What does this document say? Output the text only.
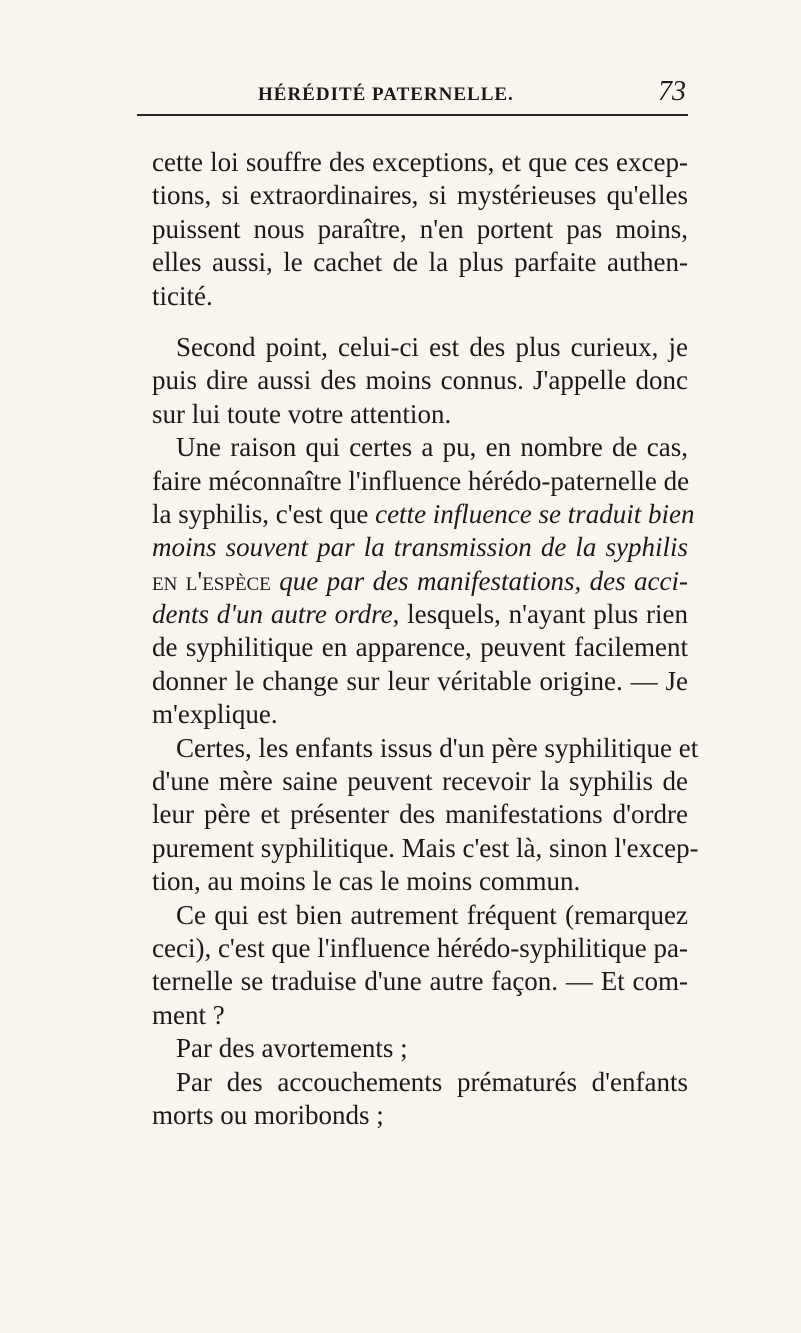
HÉRÉDITÉ PATERNELLE.	73
cette loi souffre des exceptions, et que ces excep-
tions, si extraordinaires, si mystérieuses qu'elles
puissent nous paraître, n'en portent pas moins,
elles aussi, le cachet de la plus parfaite authen-
ticité.
Second point, celui-ci est des plus curieux, je
puis dire aussi des moins connus. J'appelle donc
sur lui toute votre attention.
Une raison qui certes a pu, en nombre de cas,
faire méconnaître l'influence hérédo-paternelle de
la syphilis, c'est que cette influence se traduit bien
moins souvent par la transmission de la syphilis
en l'espèce que par des manifestations, des acci-
dents d'un autre ordre, lesquels, n'ayant plus rien
de syphilitique en apparence, peuvent facilement
donner le change sur leur véritable origine. — Je
m'explique.
Certes, les enfants issus d'un père syphilitique et
d'une mère saine peuvent recevoir la syphilis de
leur père et présenter des manifestations d'ordre
purement syphilitique. Mais c'est là, sinon l'excep-
tion, au moins le cas le moins commun.
Ce qui est bien autrement fréquent (remarquez
ceci), c'est que l'influence hérédo-syphilitique pa-
ternelle se traduise d'une autre façon. — Et com-
ment ?
Par des avortements ;
Par des accouchements prématurés d'enfants
morts ou moribonds ;
